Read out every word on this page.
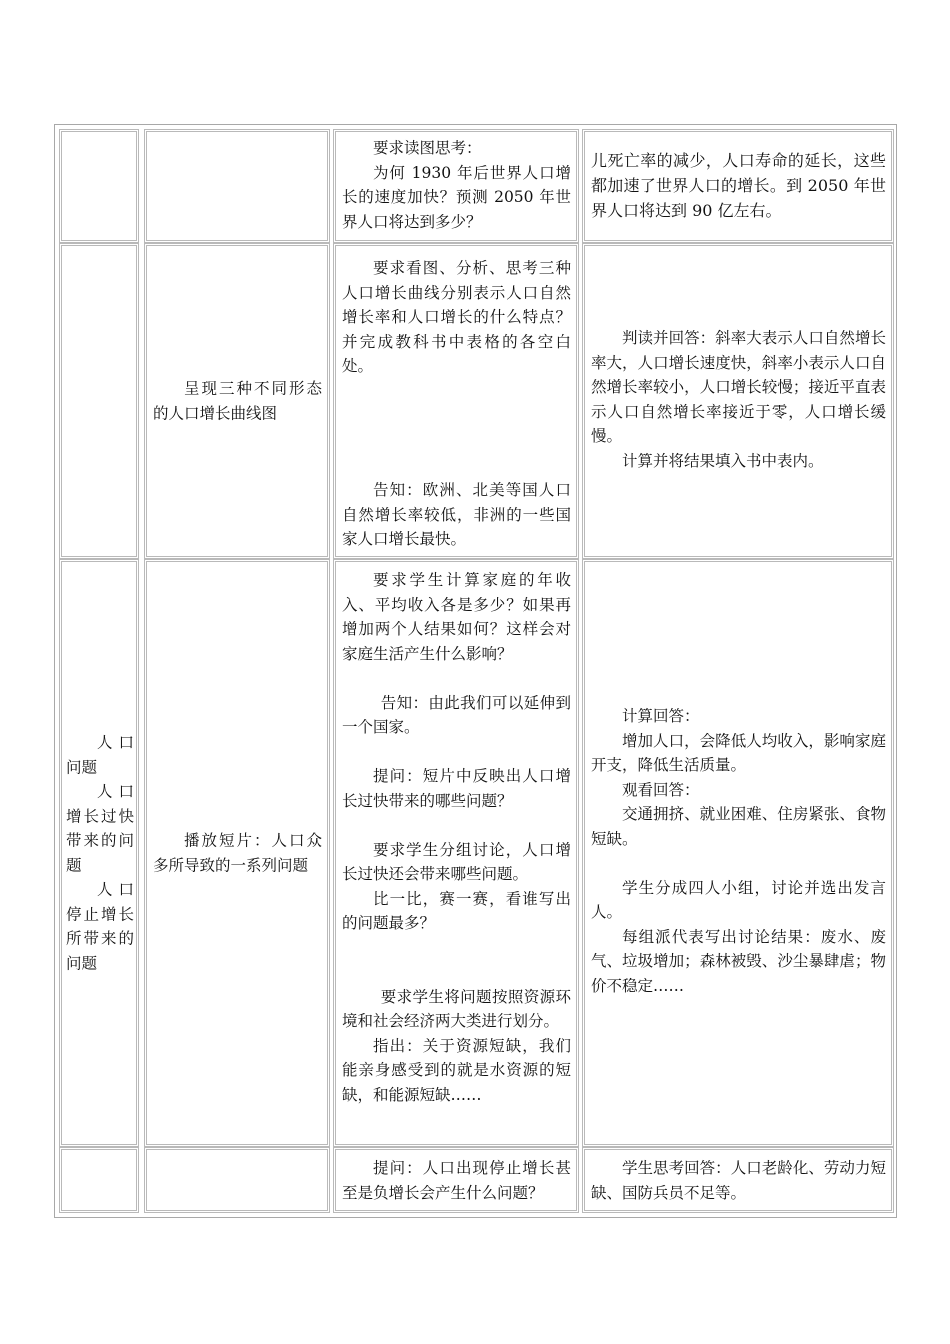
要求读图思考：

为何 1930 年后世界人口增长的速度加快？预测 2050 年世界人口将达到多少？

儿死亡率的减少，人口寿命的延长，这些都加速了世界人口的增长。到 2050 年世界人口将达到 90 亿左右。

呈现三种不同形态的人口增长曲线图

要求看图、分析、思考三种人口增长曲线分别表示人口自然增长率和人口增长的什么特点？并完成教科书中表格的各空白处。

告知：欧洲、北美等国人口自然增长率较低，非洲的一些国家人口增长最快。

判读并回答：斜率大表示人口自然增长率大，人口增长速度快，斜率小表示人口自然增长率较小，人口增长较慢；接近平直表示人口自然增长率接近于零，人口增长缓慢。

计算并将结果填入书中表内。

人口问题

人口增长过快带来的问题

人口停止增长所带来的问题

播放短片：人口众多所导致的一系列问题

要求学生计算家庭的年收入、平均收入各是多少？如果再增加两个人结果如何？这样会对家庭生活产生什么影响？

告知：由此我们可以延伸到一个国家。

提问：短片中反映出人口增长过快带来的哪些问题？

要求学生分组讨论，人口增长过快还会带来哪些问题。

比一比，赛一赛，看谁写出的问题最多？

要求学生将问题按照资源环境和社会经济两大类进行划分。

指出：关于资源短缺，我们能亲身感受到的就是水资源的短缺，和能源短缺……

计算回答：

增加人口，会降低人均收入，影响家庭开支，降低生活质量。

观看回答：

交通拥挤、就业困难、住房紧张、食物短缺。

学生分成四人小组，讨论并选出发言人。

每组派代表写出讨论结果：废水、废气、垃圾增加；森林被毁、沙尘暴肆虐；物价不稳定……

提问：人口出现停止增长甚至是负增长会产生什么问题？

学生思考回答：人口老龄化、劳动力短缺、国防兵员不足等。
